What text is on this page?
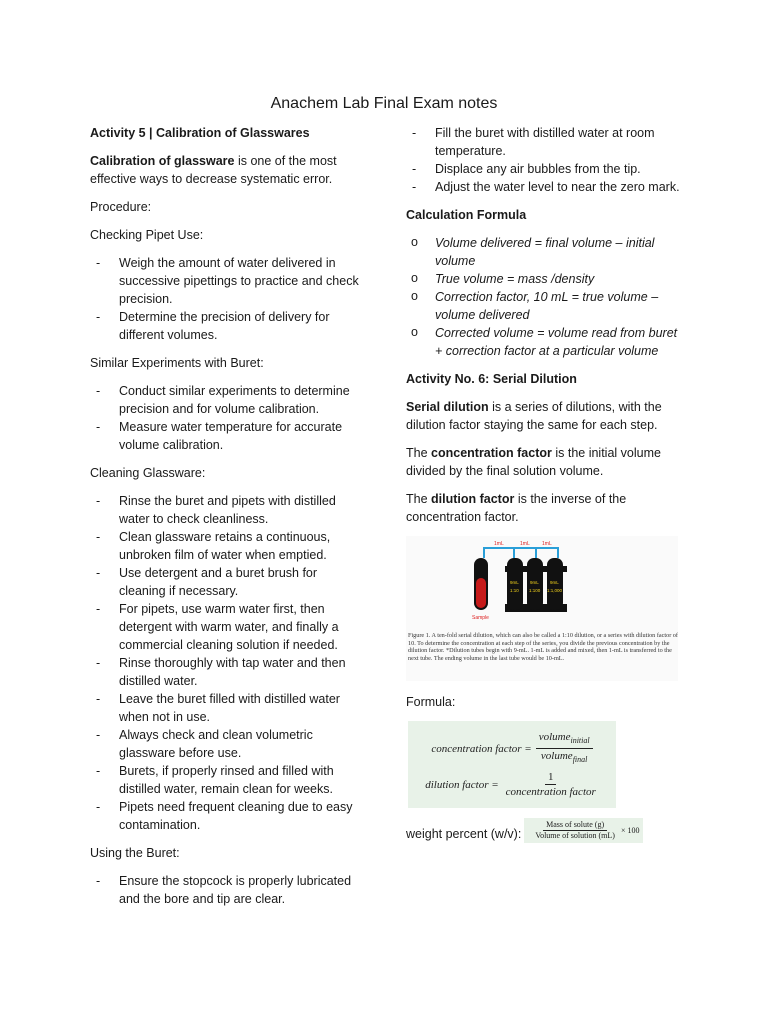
Anachem Lab Final Exam notes

Activity 5 | Calibration of Glasswares

Calibration of glassware is one of the most effective ways to decrease systematic error.

Procedure:

Checking Pipet Use:

- Weigh the amount of water delivered in successive pipettings to practice and check precision.
- Determine the precision of delivery for different volumes.

Similar Experiments with Buret:

- Conduct similar experiments to determine precision and for volume calibration.
- Measure water temperature for accurate volume calibration.

Cleaning Glassware:

- Rinse the buret and pipets with distilled water to check cleanliness.
- Clean glassware retains a continuous, unbroken film of water when emptied.
- Use detergent and a buret brush for cleaning if necessary.
- For pipets, use warm water first, then detergent with warm water, and finally a commercial cleaning solution if needed.
- Rinse thoroughly with tap water and then distilled water.
- Leave the buret filled with distilled water when not in use.
- Always check and clean volumetric glassware before use.
- Burets, if properly rinsed and filled with distilled water, remain clean for weeks.
- Pipets need frequent cleaning due to easy contamination.

Using the Buret:

- Ensure the stopcock is properly lubricated and the bore and tip are clear.
- Fill the buret with distilled water at room temperature.
- Displace any air bubbles from the tip.
- Adjust the water level to near the zero mark.

Calculation Formula

o Volume delivered = final volume – initial volume
o True volume = mass /density
o Correction factor, 10 mL = true volume – volume delivered
o Corrected volume = volume read from buret + correction factor at a particular volume

Activity No. 6: Serial Dilution

Serial dilution is a series of dilutions, with the dilution factor staying the same for each step.

The concentration factor is the initial volume divided by the final solution volume.

The dilution factor is the inverse of the concentration factor.

1mL	1mL 1mL
Sample
9mL
1:10
9mL
1:100
9mL
1:1,000
Figure 1. A ten-fold serial dilution, which can also be called a 1:10 dilution, or a series with dilution factor of 10. To determine the concentration at each step of the series, you divide the previous concentration by the dilution factor. *Dilution tubes begin with 9-mL. 1-mL is added and mixed, then 1-mL is transferred to the next tube. The ending volume in the last tube would be 10-mL.

Formula:

concentration factor = $\frac{volume_{initial}}{volume_{final}}$
dilution factor = $\frac{1}{\text{concentration factor}}$
weight percent (w/v): $\frac{\text{Mass of solute (g)}}{\text{Volume of solution (mL)}} \times 100$
